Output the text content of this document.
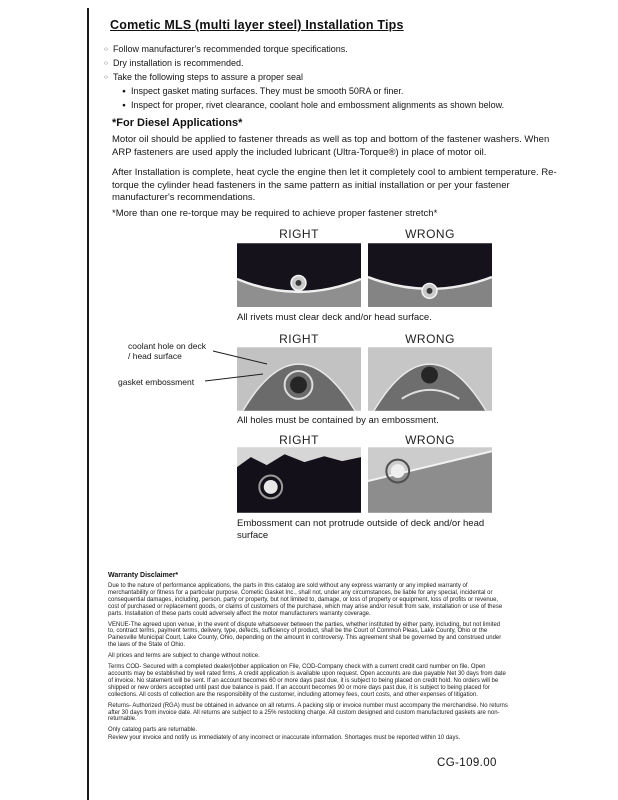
Cometic MLS (multi layer steel) Installation Tips
○ Follow manufacturer's recommended torque specifications.
○ Dry installation is recommended.
○ Take the following steps to assure a proper seal
● Inspect gasket mating surfaces. They must be smooth 50RA or finer.
● Inspect for proper, rivet clearance, coolant hole and embossment alignments as shown below.
*For Diesel Applications*

Motor oil should be applied to fastener threads as well as top and bottom of the fastener washers. When ARP fasteners are used apply the included lubricant (Ultra-Torque®) in place of motor oil.

After Installation is complete, heat cycle the engine then let it completely cool to ambient temperature. Re-torque the cylinder head fasteners in the same pattern as initial installation or per your fastener manufacturer's recommendations.

*More than one re-torque may be required to achieve proper fastener stretch*

RIGHT	WRONG

All rivets must clear deck and/or head surface.

RIGHT	WRONG

coolant hole on deck / head surface

gasket embossment

All holes must be contained by an embossment.

RIGHT	WRONG

Embossment can not protrude outside of deck and/or head surface

Warranty Disclaimer*

Due to the nature of performance applications, the parts in this catalog are sold without any express warranty or any implied warranty of merchantability or fitness for a particular purpose. Cometic Gasket Inc., shall not, under any circumstances, be liable for any special, incidental or consequential damages, including, person, party or property, but not limited to, damage, or loss of property or equipment, loss of profits or revenue, cost of purchased or replacement goods, or claims of customers of the purchase, which may arise and/or result from sale, installation or use of these parts. Installation of these parts could adversely affect the motor manufacturers warranty coverage.

VENUE-The agreed upon venue, in the event of dispute whatsoever between the parties, whether instituted by either party, including, but not limited to, contract terms, payment terms, delivery, type, defects, sufficiency of product, shall be the Court of Common Pleas, Lake County, Ohio or the Painesville Municipal Court, Lake County, Ohio, depending on the amount in controversy. This agreement shall be governed by and construed under the laws of the State of Ohio.

All prices and terms are subject to change without notice.

Terms COD- Secured with a completed dealer/jobber application on File, COD-Company check with a current credit card number on file. Open accounts may be established by well rated firms. A credit application is available upon request. Open accounts are due payable Net 30 days from date of invoice. No statement will be sent. If an account becomes 60 or more days past due, it is subject to being placed on credit hold. No orders will be shipped or new orders accepted until past due balance is paid. If an account becomes 90 or more days past due, it is subject to being placed for collections. All costs of collection are the responsibility of the customer, including attorney fees, court costs, and other expenses of litigation.

Returns- Authorized (RGA) must be obtained in advance on all returns. A packing slip or invoice number must accompany the merchandise. No returns after 30 days from invoice date. All returns are subject to a 25% restocking charge. All custom designed and custom manufactured gaskets are non-returnable.

Only catalog parts are returnable.

Review your invoice and notify us immediately of any incorrect or inaccurate information. Shortages must be reported within 10 days.

CG-109.00
